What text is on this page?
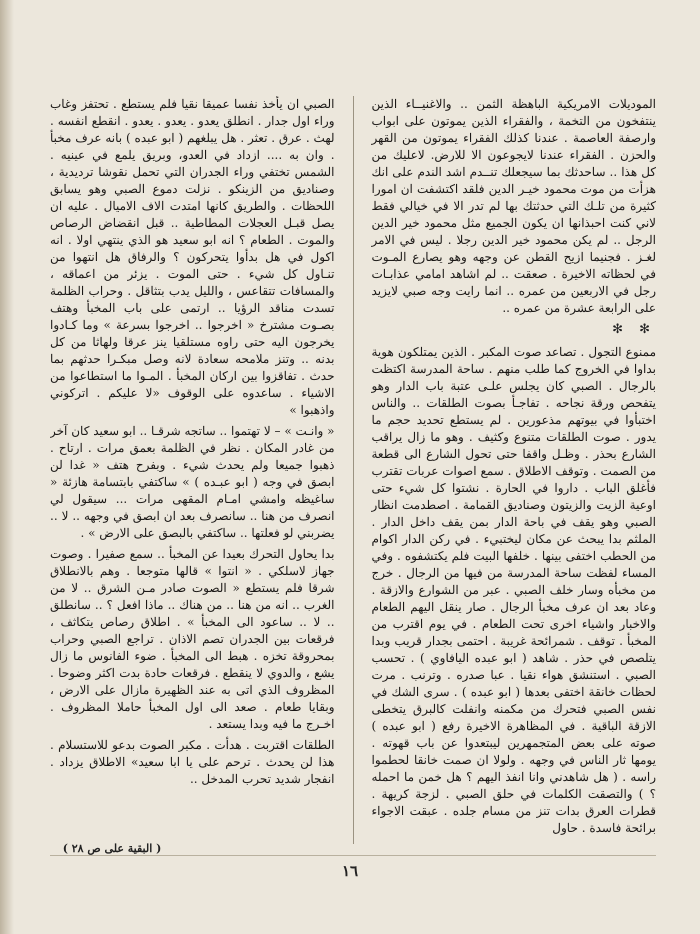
الموديلات الامريكية الباهظة الثمن .. والاغنيــاء الذين ينتفخون من التخمة ، والفقراء الذين يموتون على ابواب وارصفة العاصمة . عندنا كذلك الفقراء يموتون من القهر والحزن . الفقراء عندنا لايجوعون الا للارض. لاعليك من كل هذا .. ساحدثك بما سيجعلك تنــدم اشد الندم على انك هزأت من موت محمود خيـر الدين فلقد اكتشفت ان امورا كثيرة من تلـك التي حدثتك بها لم تدر الا في خيالي فقط لاني كنت احبذانها ان يكون الجميع مثل محمود خير الدين الرجل .. لم يكن محمود خير الدين رجلا . ليس في الامر لغـز . فجنيما ازيح القطن عن وجهه وهو يصارع المـوت في لحظاته الاخيرة . صعقت .. لم اشاهد امامي عذابـات رجل في الاربعين من عمره .. انما رايت وجه صبي لايزيد على الرابعة عشرة من عمره ..

✻ ✻

ممنوع التجول . تصاعد صوت المكبر . الذين يمتلكون هوية بداوا في الخروج كما طلب منهم . ساحة المدرسة اكتظت بالرجال . الصبي كان يجلس علـى عتبة باب الدار وهو يتفحص ورقة نجاحه . تفاجـأ بصوت الطلقات .. والناس اختبأوا في بيوتهم مذعورين . لم يستطع تحديد حجم ما يدور . صوت الطلقات متنوع وكثيف . وهو ما زال يراقب الشارع بحذر . وظـل واقفا حتى تحول الشارع الى قطعة من الصمت . وتوقف الاطلاق . سمع اصوات عربات تقترب فأغلق الباب . داروا في الحارة . نشتوا كل شيء حتى اوعية الزيت والزيتون وصناديق القمامة . اصطدمت انظار الصبي وهو يقف في باحة الدار بمن يقف داخل الدار . الملثم بدا يبحث عن مكان ليختبيء . في ركن الدار اكوام من الحطب اختفى بينها . خلفها البيت فلم يكتشفوه . وفي المساء لفظت ساحة المدرسة من فيها من الرجال . خرج من مخبأه وسار خلف الصبي . عبر من الشوارع والازقة . وعاد بعد ان عرف مخبأ الرجال . صار ينقل اليهم الطعام والاخبار واشياء اخرى تحت الطعام . في يوم اقترب من المخبأ . توقف . شمرائحة غريبة . احتمى بجدار قريب وبدا يتلصص في حذر . شاهد ( ابو عبده اليافاوي ) . تحسب الصبي . استنشق هواء نقيا . عبا صدره . وترنب . مرت لحظات خانقة اختفى بعدها ( ابو عبده ) . سرى الشك في نفس الصبي فتحرك من مكمنه وانفلت كالبرق يتخطى الازقة الباقية . في المظاهرة الاخيرة رفع ( ابو عبده ) صوته على بعض المتجمهرين ليبتعدوا عن باب قهوته . يومها ثار الناس في وجهه . ولولا ان صمت خانقا لحطموا راسه . ( هل شاهدني وانا انفذ اليهم ؟ هل خمن ما احمله ؟ ) والتصقت الكلمات في حلق الصبي . لزجة كريهة . قطرات العرق بدات تنز من مسام جلده . عبقت الاجواء برائحة فاسدة . حاول

الصبي ان يأخذ نفسا عميقا نقيا فلم يستطع . تحتفز وغاب وراء اول جدار . انطلق يعدو . يعدو . يعدو . انقطع انفسه . لهث . عرق . تعثر . هل يبلغهم ( ابو عبده ) بانه عرف مخبأ . وان به .... ازداد في العدو، وبريق يلمع في عينيه . الشمس تختفي وراء الجدران التي تحمل نقوشا ترديدية ، وصناديق من الزينكو . نزلت دموع الصبي وهو يسابق اللحظات . والطريق كانها امتدت الاف الاميال . عليه ان يصل قبـل العجلات المطاطية .. قبل انقضاض الرصاص والموت . الطعام ؟ انه ابو سعيد هو الذي ينتهي اولا . انه اكول في هل بدأوا يتحركون ؟ والرفاق هل انتهوا من تنـاول كل شيء . حتى الموت . يزئر من اعماقه ، والمسافات تتقاعس ، والليل يدب بتثاقل . وحراب الظلمة تسدت مناقد الرؤيا .. ارتمى على باب المخبأ وهتف بصـوت مشترخ « اخرجوا .. اخرجوا بسرعة » وما كـادوا يخرجون اليه حتى راوه مستلقيا ينز عرقا ولهاثا من كل بدنه .. وتنز ملامحه سعادة لانه وصل مبكـرا حدثهم بما حدث . تفاقزوا بين اركان المخبأ . المـوا ما استطاعوا من الاشياء . ساعدوه على الوقوف «لا عليكم . اتركوني واذهبوا »

« وانـت » – لا تهتموا .. ساتجه شرقـا .. ابو سعيد كان آخر من غادر المكان . نظر في الظلمة بعمق مرات . ارتاح . ذهبوا جميعا ولم يحدث شيء . وبفرح هتف « غدا لن ابصق في وجه ( ابو عبـده ) » ساكتفي بابتسامة هازئة « ساغيظه وامشي امـام المقهى مرات ... سيقول لي انصرف من هنا .. سانصرف بعد ان ابصق في وجهه .. لا .. يضربني لو فعلتها .. ساكتفي بالبصق على الارض » .

بدا يحاول التحرك بعيدا عن المخبأ .. سمع صفيرا . وصوت جهاز لاسلكي . « انتوا » قالها متوجعا . وهم بالانطلاق شرقا فلم يستطع « الصوت صادر مـن الشرق .. لا من الغرب .. انه من هنا .. من هناك .. ماذا افعل ؟ .. سانطلق .. لا .. ساعود الى المخبأ » . اطلاق رصاص يتكاثف ، فرقعات بين الجدران تصم الاذان . تراجع الصبي وحراب بمحروقة تخزه . هبط الى المخبأ . ضوء الفانوس ما زال يشع ، والدوي لا ينقطع . فرقعات حادة بدت اكثر وضوحا . المظروف الذي اتى به عند الظهيرة مازال على الارض ، وبقايا طعام . صعد الى اول المخبأ حاملا المظروف . اخـرج ما فيه وبدا يستعد .

الطلقات اقتربت . هدأت . مكبر الصوت بدعو للاستسلام . هذا لن يحدث . ترحم على يا ابا سعيد» الاطلاق يزداد . انفجار شديد تحرب المدخل ..

( البقية على ص ٢٨ )
١٦
